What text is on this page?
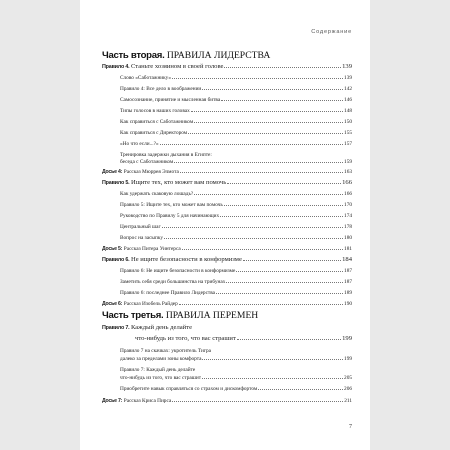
Содержание
Часть вторая. ПРАВИЛА ЛИДЕРСТВА
Часть третья. ПРАВИЛА ПЕРЕМЕН
Правило 4. Станьте хозяином в своей голове	139
Слово «Саботажнику»	139
Правило 4: Все дело в воображении	142
Самосознание, принятие и мысленная битва	146
Типы голосов в наших головах	148
Как справиться с Саботажником	150
Как справиться с Директором	155
«Но что если...?»	157
Тренировка задержки дыхания в Египте:
беседа с Саботажником	159
Досье 4: Рассказ Мюррея Элмота	163
Правило 5. Ищите тех, кто может вам помочь	166
Как удержать скаковую лошадь?	166
Правило 5: Ищите тех, кто может вам помочь	170
Руководство по Правилу 5 для начинающих	174
Центральный шаг	178
Вопрос на засыпку	180
Досье 5: Рассказ Питера Уинтерса	181
Правило 6. Не ищите безопасности в конформизме	184
Правило 6: Не ищите безопасности в конформизме	187
Заметить себя среди большинства на трибунах	187
Правило 6: последнее Правило Лидерства	189
Досье 6: Рассказ Изобель Райдер	190
Правило 7. Каждый день делайте
что-нибудь из того, что вас страшит	199
Правило 7 на скачках: укротитель Тигра
далеко за пределами зоны комфорта	199
Правило 7: Каждый день делайте
что-нибудь из того, что вас страшит	205
Приобретите навык справляться со страхом и дискомфортом	206
Досье 7: Рассказ Криса Пирса	211
7
